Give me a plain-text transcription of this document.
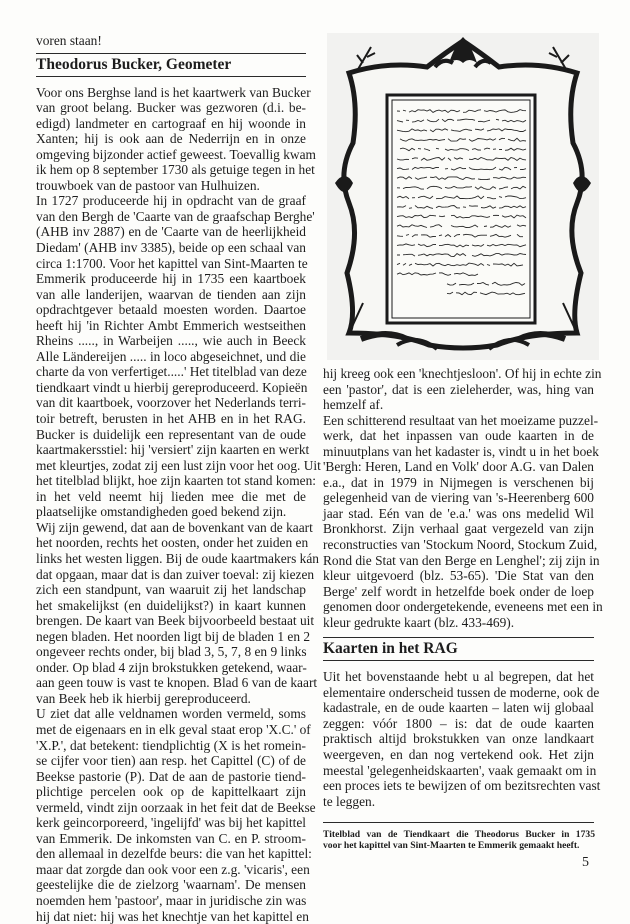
voren staan!
Theodorus Bucker, Geometer
Voor ons Berghse land is het kaartwerk van Bucker
van groot belang. Bucker was gezworen (d.i. be-
edigd) landmeter en cartograaf en hij woonde in
Xanten; hij is ook aan de Nederrijn en in onze
omgeving bijzonder actief geweest. Toevallig kwam
ik hem op 8 september 1730 als getuige tegen in het
trouwboek van de pastoor van Hulhuizen.
In 1727 produceerde hij in opdracht van de graaf
van den Bergh de 'Caarte van de graafschap Berghe'
(AHB inv 2887) en de 'Caarte van de heerlijkheid
Diedam' (AHB inv 3385), beide op een schaal van
circa 1:1700. Voor het kapittel van Sint-Maarten te
Emmerik produceerde hij in 1735 een kaartboek
van alle landerijen, waarvan de tienden aan zijn
opdrachtgever betaald moesten worden. Daartoe
heeft hij 'in Richter Ambt Emmerich westseithen
Rheins ....., in Warbeijen ....., wie auch in Beeck
Alle Ländereijen ..... in loco abgeseichnet, und die
charte da von verfertiget.....' Het titelblad van deze
tiendkaart vindt u hierbij gereproduceerd. Kopieën
van dit kaartboek, voorzover het Nederlands terri-
toir betreft, berusten in het AHB en in het RAG.
Bucker is duidelijk een representant van de oude
kaartmakersstiel: hij 'versiert' zijn kaarten en werkt
met kleurtjes, zodat zij een lust zijn voor het oog. Uit
het titelblad blijkt, hoe zijn kaarten tot stand komen:
in het veld neemt hij lieden mee die met de
plaatselijke omstandigheden goed bekend zijn.
Wij zijn gewend, dat aan de bovenkant van de kaart
het noorden, rechts het oosten, onder het zuiden en
links het westen liggen. Bij de oude kaartmakers kán
dat opgaan, maar dat is dan zuiver toeval: zij kiezen
zich een standpunt, van waaruit zij het landschap
het smakelijkst (en duidelijkst?) in kaart kunnen
brengen. De kaart van Beek bijvoorbeeld bestaat uit
negen bladen. Het noorden ligt bij de bladen 1 en 2
ongeveer rechts onder, bij blad 3, 5, 7, 8 en 9 links
onder. Op blad 4 zijn brokstukken getekend, waar-
aan geen touw is vast te knopen. Blad 6 van de kaart
van Beek heb ik hierbij gereproduceerd.
U ziet dat alle veldnamen worden vermeld, soms
met de eigenaars en in elk geval staat erop 'X.C.' of
'X.P.', dat betekent: tiendplichtig (X is het romein-
se cijfer voor tien) aan resp. het Capittel (C) of de
Beekse pastorie (P). Dat de aan de pastorie tiend-
plichtige percelen ook op de kapittelkaart zijn
vermeld, vindt zijn oorzaak in het feit dat de Beekse
kerk geincorporeerd, 'ingelijfd' was bij het kapittel
van Emmerik. De inkomsten van C. en P. stroom-
den allemaal in dezelfde beurs: die van het kapittel:
maar dat zorgde dan ook voor een z.g. 'vicaris', een
geestelijke die de zielzorg 'waarnam'. De mensen
noemden hem 'pastoor', maar in juridische zin was
hij dat niet: hij was het knechtje van het kapittel en
hij kreeg ook een 'knechtjesloon'. Of hij in echte zin
een 'pastor', dat is een zieleherder, was, hing van
hemzelf af.
Een schitterend resultaat van het moeizame puzzel-
werk, dat het inpassen van oude kaarten in de
minuutplans van het kadaster is, vindt u in het boek
'Bergh: Heren, Land en Volk' door A.G. van Dalen
e.a., dat in 1979 in Nijmegen is verschenen bij
gelegenheid van de viering van 's-Heerenberg 600
jaar stad. Eén van de 'e.a.' was ons medelid Wil
Bronkhorst. Zijn verhaal gaat vergezeld van zijn
reconstructies van 'Stockum Noord, Stockum Zuid,
Rond die Stat van den Berge en Lenghel'; zij zijn in
kleur uitgevoerd (blz. 53-65). 'Die Stat van den
Berge' zelf wordt in hetzelfde boek onder de loep
genomen door ondergetekende, eveneens met een in
kleur gedrukte kaart (blz. 433-469).
Kaarten in het RAG
Uit het bovenstaande hebt u al begrepen, dat het
elementaire onderscheid tussen de moderne, ook de
kadastrale, en de oude kaarten – laten wij globaal
zeggen: vóór 1800 – is: dat de oude kaarten
praktisch altijd brokstukken van onze landkaart
weergeven, en dan nog vertekend ook. Het zijn
meestal 'gelegenheidskaarten', vaak gemaakt om in
een proces iets te bewijzen of om bezitsrechten vast
te leggen.
Titelblad van de Tiendkaart die Theodorus Bucker in 1735
voor het kapittel van Sint-Maarten te Emmerik gemaakt heeft.
5
